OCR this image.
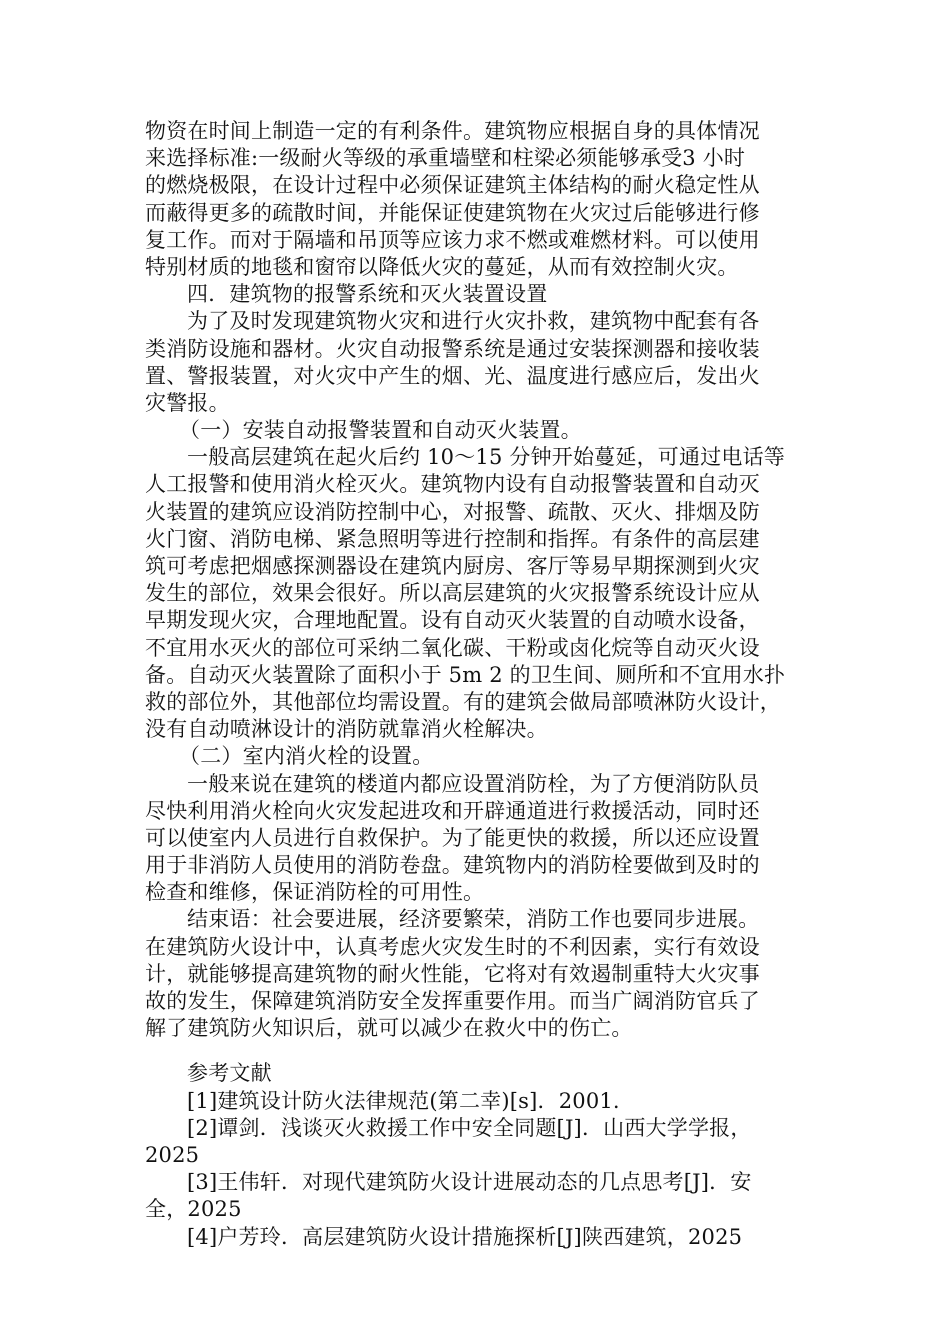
物资在时间上制造一定的有利条件。建筑物应根据自身的具体情况
来选择标准:一级耐火等级的承重墙壁和柱梁必须能够承受3 小时
的燃烧极限，在设计过程中必须保证建筑主体结构的耐火稳定性从
而蔽得更多的疏散时间，并能保证使建筑物在火灾过后能够进行修
复工作。而对于隔墙和吊顶等应该力求不燃或难燃材料。可以使用
特别材质的地毯和窗帘以降低火灾的蔓延，从而有效控制火灾。
四．建筑物的报警系统和灭火装置设置
为了及时发现建筑物火灾和进行火灾扑救，建筑物中配套有各
类消防设施和器材。火灾自动报警系统是通过安装探测器和接收装
置、警报装置，对火灾中产生的烟、光、温度进行感应后，发出火
灾警报。
（一）安装自动报警装置和自动灭火装置。
一般高层建筑在起火后约 10～15 分钟开始蔓延，可通过电话等
人工报警和使用消火栓灭火。建筑物内设有自动报警装置和自动灭
火装置的建筑应设消防控制中心，对报警、疏散、灭火、排烟及防
火门窗、消防电梯、紧急照明等进行控制和指挥。有条件的高层建
筑可考虑把烟感探测器设在建筑内厨房、客厅等易早期探测到火灾
发生的部位，效果会很好。所以高层建筑的火灾报警系统设计应从
早期发现火灾，合理地配置。设有自动灭火装置的自动喷水设备，
不宜用水灭火的部位可采纳二氧化碳、干粉或卤化烷等自动灭火设
备。自动灭火装置除了面积小于 5m 2 的卫生间、厕所和不宜用水扑
救的部位外，其他部位均需设置。有的建筑会做局部喷淋防火设计，
没有自动喷淋设计的消防就靠消火栓解决。
（二）室内消火栓的设置。
一般来说在建筑的楼道内都应设置消防栓，为了方便消防队员
尽快利用消火栓向火灾发起进攻和开辟通道进行救援活动，同时还
可以使室内人员进行自救保护。为了能更快的救援，所以还应设置
用于非消防人员使用的消防卷盘。建筑物内的消防栓要做到及时的
检查和维修，保证消防栓的可用性。
结束语：社会要进展，经济要繁荣，消防工作也要同步进展。
在建筑防火设计中，认真考虑火灾发生时的不利因素，实行有效设
计，就能够提高建筑物的耐火性能，它将对有效遏制重特大火灾事
故的发生，保障建筑消防安全发挥重要作用。而当广阔消防官兵了
解了建筑防火知识后，就可以减少在救火中的伤亡。
参考文献
[1]建筑设计防火法律规范(第二幸)[s]．2001.
[2]谭剑．浅谈灭火救援工作中安全同题[J]．山西大学学报，
2025
[3]王伟轩．对现代建筑防火设计进展动态的几点思考[J]．安
全，2025
[4]户芳玲．高层建筑防火设计措施探析[J]陕西建筑，2025
